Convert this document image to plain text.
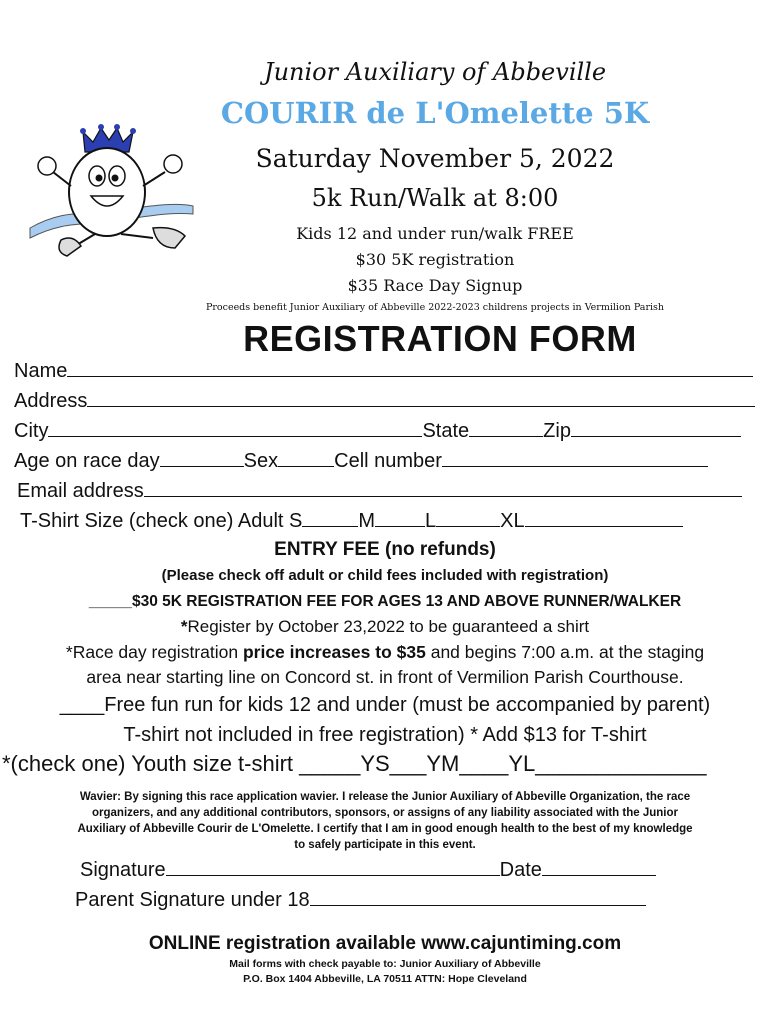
Junior Auxiliary of Abbeville
COURIR de L'Omelette 5K
Saturday November 5, 2022
5k Run/Walk at 8:00
Kids 12 and under run/walk FREE
$30 5K registration
$35 Race Day Signup
Proceeds benefit Junior Auxiliary of Abbeville 2022-2023 childrens projects in Vermilion Parish
REGISTRATION FORM
Name
Address
City	State	Zip
Age on race day	Sex	Cell number
Email address
T-Shirt Size (check one) Adult S	M	L	XL
ENTRY FEE (no refunds)
(Please check off adult or child fees included with registration)
_____$30 5K REGISTRATION FEE FOR AGES 13 AND ABOVE RUNNER/WALKER
*Register by October 23,2022 to be guaranteed a shirt
*Race day registration price increases to $35 and begins 7:00 a.m. at the staging
area near starting line on Concord st. in front of Vermilion Parish Courthouse.
____Free fun run for kids 12 and under (must be accompanied by parent)
T-shirt not included in free registration) * Add $13 for T-shirt
*(check one) Youth size t-shirt _____YS___YM____YL______________
Wavier: By signing this race application wavier. I release the Junior Auxiliary of Abbeville Organization, the race
organizers, and any additional contributors, sponsors, or assigns of any liability associated with the Junior
Auxiliary of Abbeville Courir de L'Omelette. I certify that I am in good enough health to the best of my knowledge
to safely participate in this event.
Signature	Date
Parent Signature under 18
ONLINE registration available www.cajuntiming.com
Mail forms with check payable to: Junior Auxiliary of Abbeville
P.O. Box 1404 Abbeville, LA 70511 ATTN: Hope Cleveland
